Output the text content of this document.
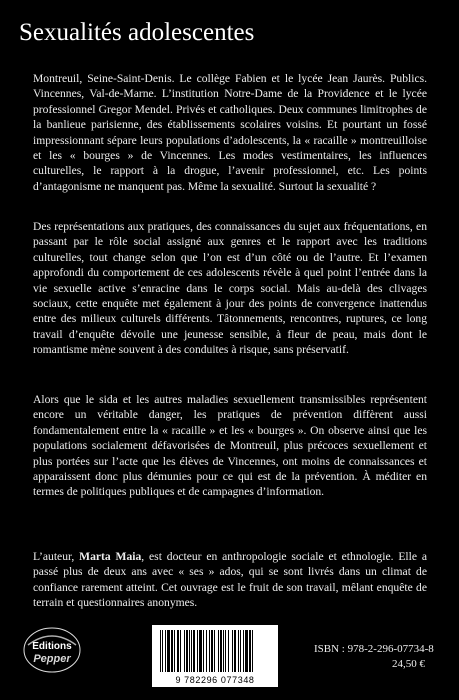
Sexualités adolescentes

Montreuil, Seine-Saint-Denis. Le collège Fabien et le lycée Jean Jaurès. Publics. Vincennes, Val-de-Marne. L’institution Notre-Dame de la Providence et le lycée professionnel Gregor Mendel. Privés et catholiques. Deux communes limitrophes de la banlieue parisienne, des établissements scolaires voisins. Et pourtant un fossé impressionnant sépare leurs populations d’adolescents, la « racaille » montreuilloise et les « bourges » de Vincennes. Les modes vestimentaires, les influences culturelles, le rapport à la drogue, l’avenir professionnel, etc. Les points d’antagonisme ne manquent pas. Même la sexualité. Surtout la sexualité ?

Des représentations aux pratiques, des connaissances du sujet aux fréquentations, en passant par le rôle social assigné aux genres et le rapport avec les traditions culturelles, tout change selon que l’on est d’un côté ou de l’autre. Et l’examen approfondi du comportement de ces adolescents révèle à quel point l’entrée dans la vie sexuelle active s’enracine dans le corps social. Mais au-delà des clivages sociaux, cette enquête met également à jour des points de convergence inattendus entre des milieux culturels différents. Tâtonnements, rencontres, ruptures, ce long travail d’enquête dévoile une jeunesse sensible, à fleur de peau, mais dont le romantisme mène souvent à des conduites à risque, sans préservatif.

Alors que le sida et les autres maladies sexuellement transmissibles représentent encore un véritable danger, les pratiques de prévention diffèrent aussi fondamentalement entre la « racaille » et les « bourges ». On observe ainsi que les populations socialement défavorisées de Montreuil, plus précoces sexuellement et plus portées sur l’acte que les élèves de Vincennes, ont moins de connaissances et apparaissent donc plus démunies pour ce qui est de la prévention. À méditer en termes de politiques publiques et de campagnes d’information.

L’auteur, Marta Maia, est docteur en anthropologie sociale et ethnologie. Elle a passé plus de deux ans avec « ses » ados, qui se sont livrés dans un climat de confiance rarement atteint. Cet ouvrage est le fruit de son travail, mêlant enquête de terrain et questionnaires anonymes.

Editions
Pepper
9 782296 077348
ISBN : 978-2-296-07734-8
24,50 €
